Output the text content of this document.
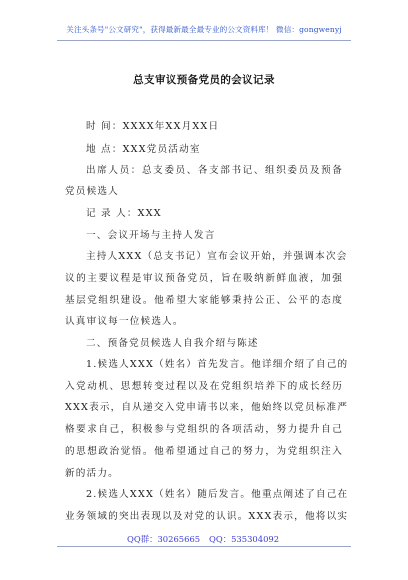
关注头条号"公文研究"，获得最新最全最专业的公文资料库！ 微信：gongwenyj
总支审议预备党员的会议记录
时 间：XXXX年XX月XX日
地 点：XXX党员活动室
出席人员：总支委员、各支部书记、组织委员及预备
党员候选人
记 录 人：XXX
一、会议开场与主持人发言
主持人XXX（总支书记）宣布会议开始，并强调本次会
议的主要议程是审议预备党员，旨在吸纳新鲜血液，加强
基层党组织建设。他希望大家能够秉持公正、公平的态度
认真审议每一位候选人。
二、预备党员候选人自我介绍与陈述
1.候选人XXX（姓名）首先发言。他详细介绍了自己的
入党动机、思想转变过程以及在党组织培养下的成长经历
XXX表示，自从递交入党申请书以来，他始终以党员标准严
格要求自己，积极参与党组织的各项活动，努力提升自己
的思想政治觉悟。他希望通过自己的努力，为党组织注入
新的活力。
2.候选人XXX（姓名）随后发言。他重点阐述了自己在
业务领域的突出表现以及对党的认识。XXX表示，他将以实
QQ群：30265665 QQ：535304092
